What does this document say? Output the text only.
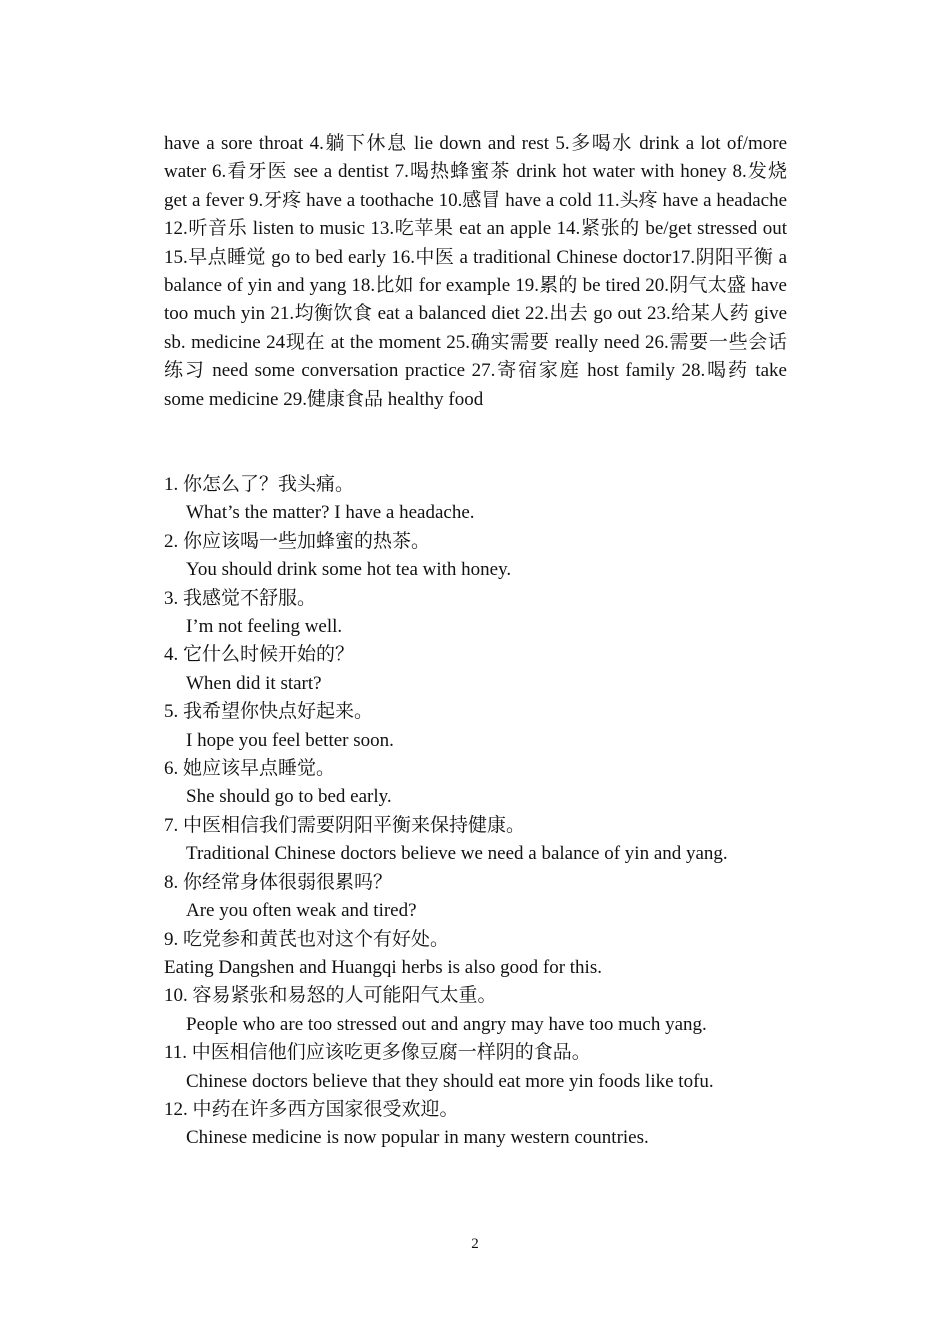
have a sore throat 4.躺下休息 lie down and rest 5.多喝水 drink a lot of/more water 6.看牙医 see a dentist 7.喝热蜂蜜茶 drink hot water with honey 8.发烧 get a fever 9.牙疼 have a toothache 10.感冒 have a cold 11.头疼 have a headache 12.听音乐 listen to music 13.吃苹果 eat an apple 14.紧张的 be/get stressed out 15.早点睡觉 go to bed early 16.中医 a traditional Chinese doctor17.阴阳平衡 a balance of yin and yang 18.比如 for example 19.累的 be tired 20.阴气太盛 have too much yin 21.均衡饮食 eat a balanced diet 22.出去 go out 23.给某人药 give sb. medicine 24现在 at the moment 25.确实需要 really need 26.需要一些会话练习 need some conversation practice 27.寄宿家庭 host family 28.喝药 take some medicine 29.健康食品 healthy food

1. 你怎么了？我头痛。
What’s the matter? I have a headache.
2. 你应该喝一些加蜂蜜的热茶。
You should drink some hot tea with honey.
3. 我感觉不舒服。
I’m not feeling well.
4. 它什么时候开始的？
When did it start?
5. 我希望你快点好起来。
I hope you feel better soon.
6. 她应该早点睡觉。
She should go to bed early.
7. 中医相信我们需要阴阳平衡来保持健康。
Traditional Chinese doctors believe we need a balance of yin and yang.
8. 你经常身体很弱很累吗？
Are you often weak and tired?
9. 吃党参和黄芪也对这个有好处。
Eating Dangshen and Huangqi herbs is also good for this.
10. 容易紧张和易怒的人可能阳气太重。
People who are too stressed out and angry may have too much yang.
11. 中医相信他们应该吃更多像豆腐一样阴的食品。
Chinese doctors believe that they should eat more yin foods like tofu.
12. 中药在许多西方国家很受欢迎。
Chinese medicine is now popular in many western countries.
2
